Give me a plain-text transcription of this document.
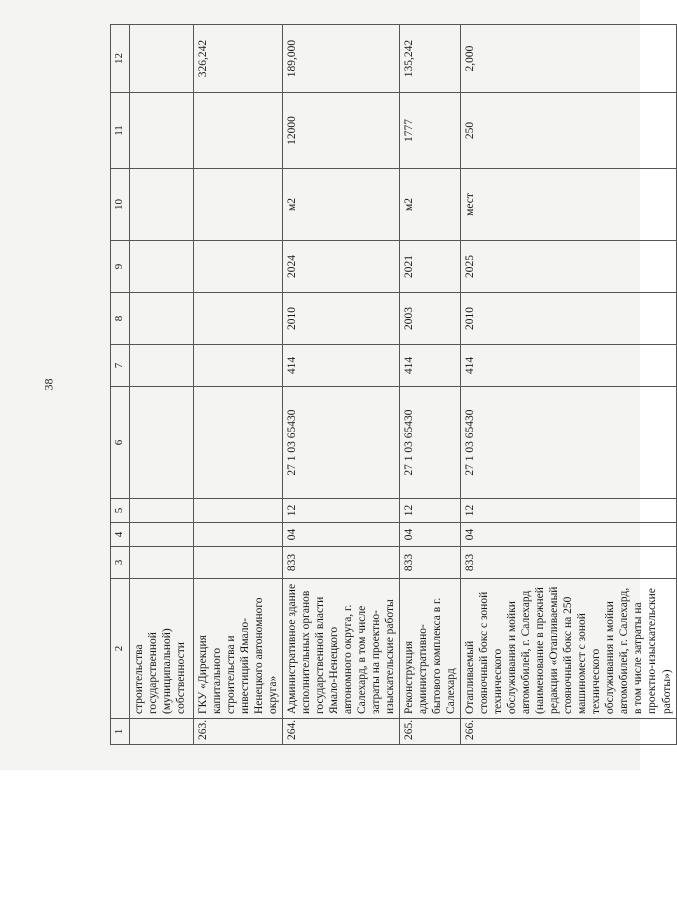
38
1	2	3	4	5	6	7	8	9	10	11	12
	строительства государственной (муниципальной) собственности										
263.	ГКУ «Дирекция капитального строительства и инвестиций Ямало-Ненецкого автономного округа»										326,242
264.	Административное здание исполнительных органов государственной власти Ямало-Ненецкого автономного округа, г. Салехард, в том числе затраты на проектно-изыскательские работы	833	04	12	27 1 03 65430	414	2010	2024	м2	12000	189,000
265.	Реконструкция административно-бытового комплекса в г. Салехард	833	04	12	27 1 03 65430	414	2003	2021	м2	1777	135,242
266.	Отапливаемый стояночный бокс с зоной технического обслуживания и мойки автомобилей, г. Салехард (наименование в прежней редакции «Отапливаемый стояночный бокс на 250 машиномест с зоной технического обслуживания и мойки автомобилей, г. Салехард, в том числе затраты на проектно-изыскательские работы»)	833	04	12	27 1 03 65430	414	2010	2025	мест	250	2,000
